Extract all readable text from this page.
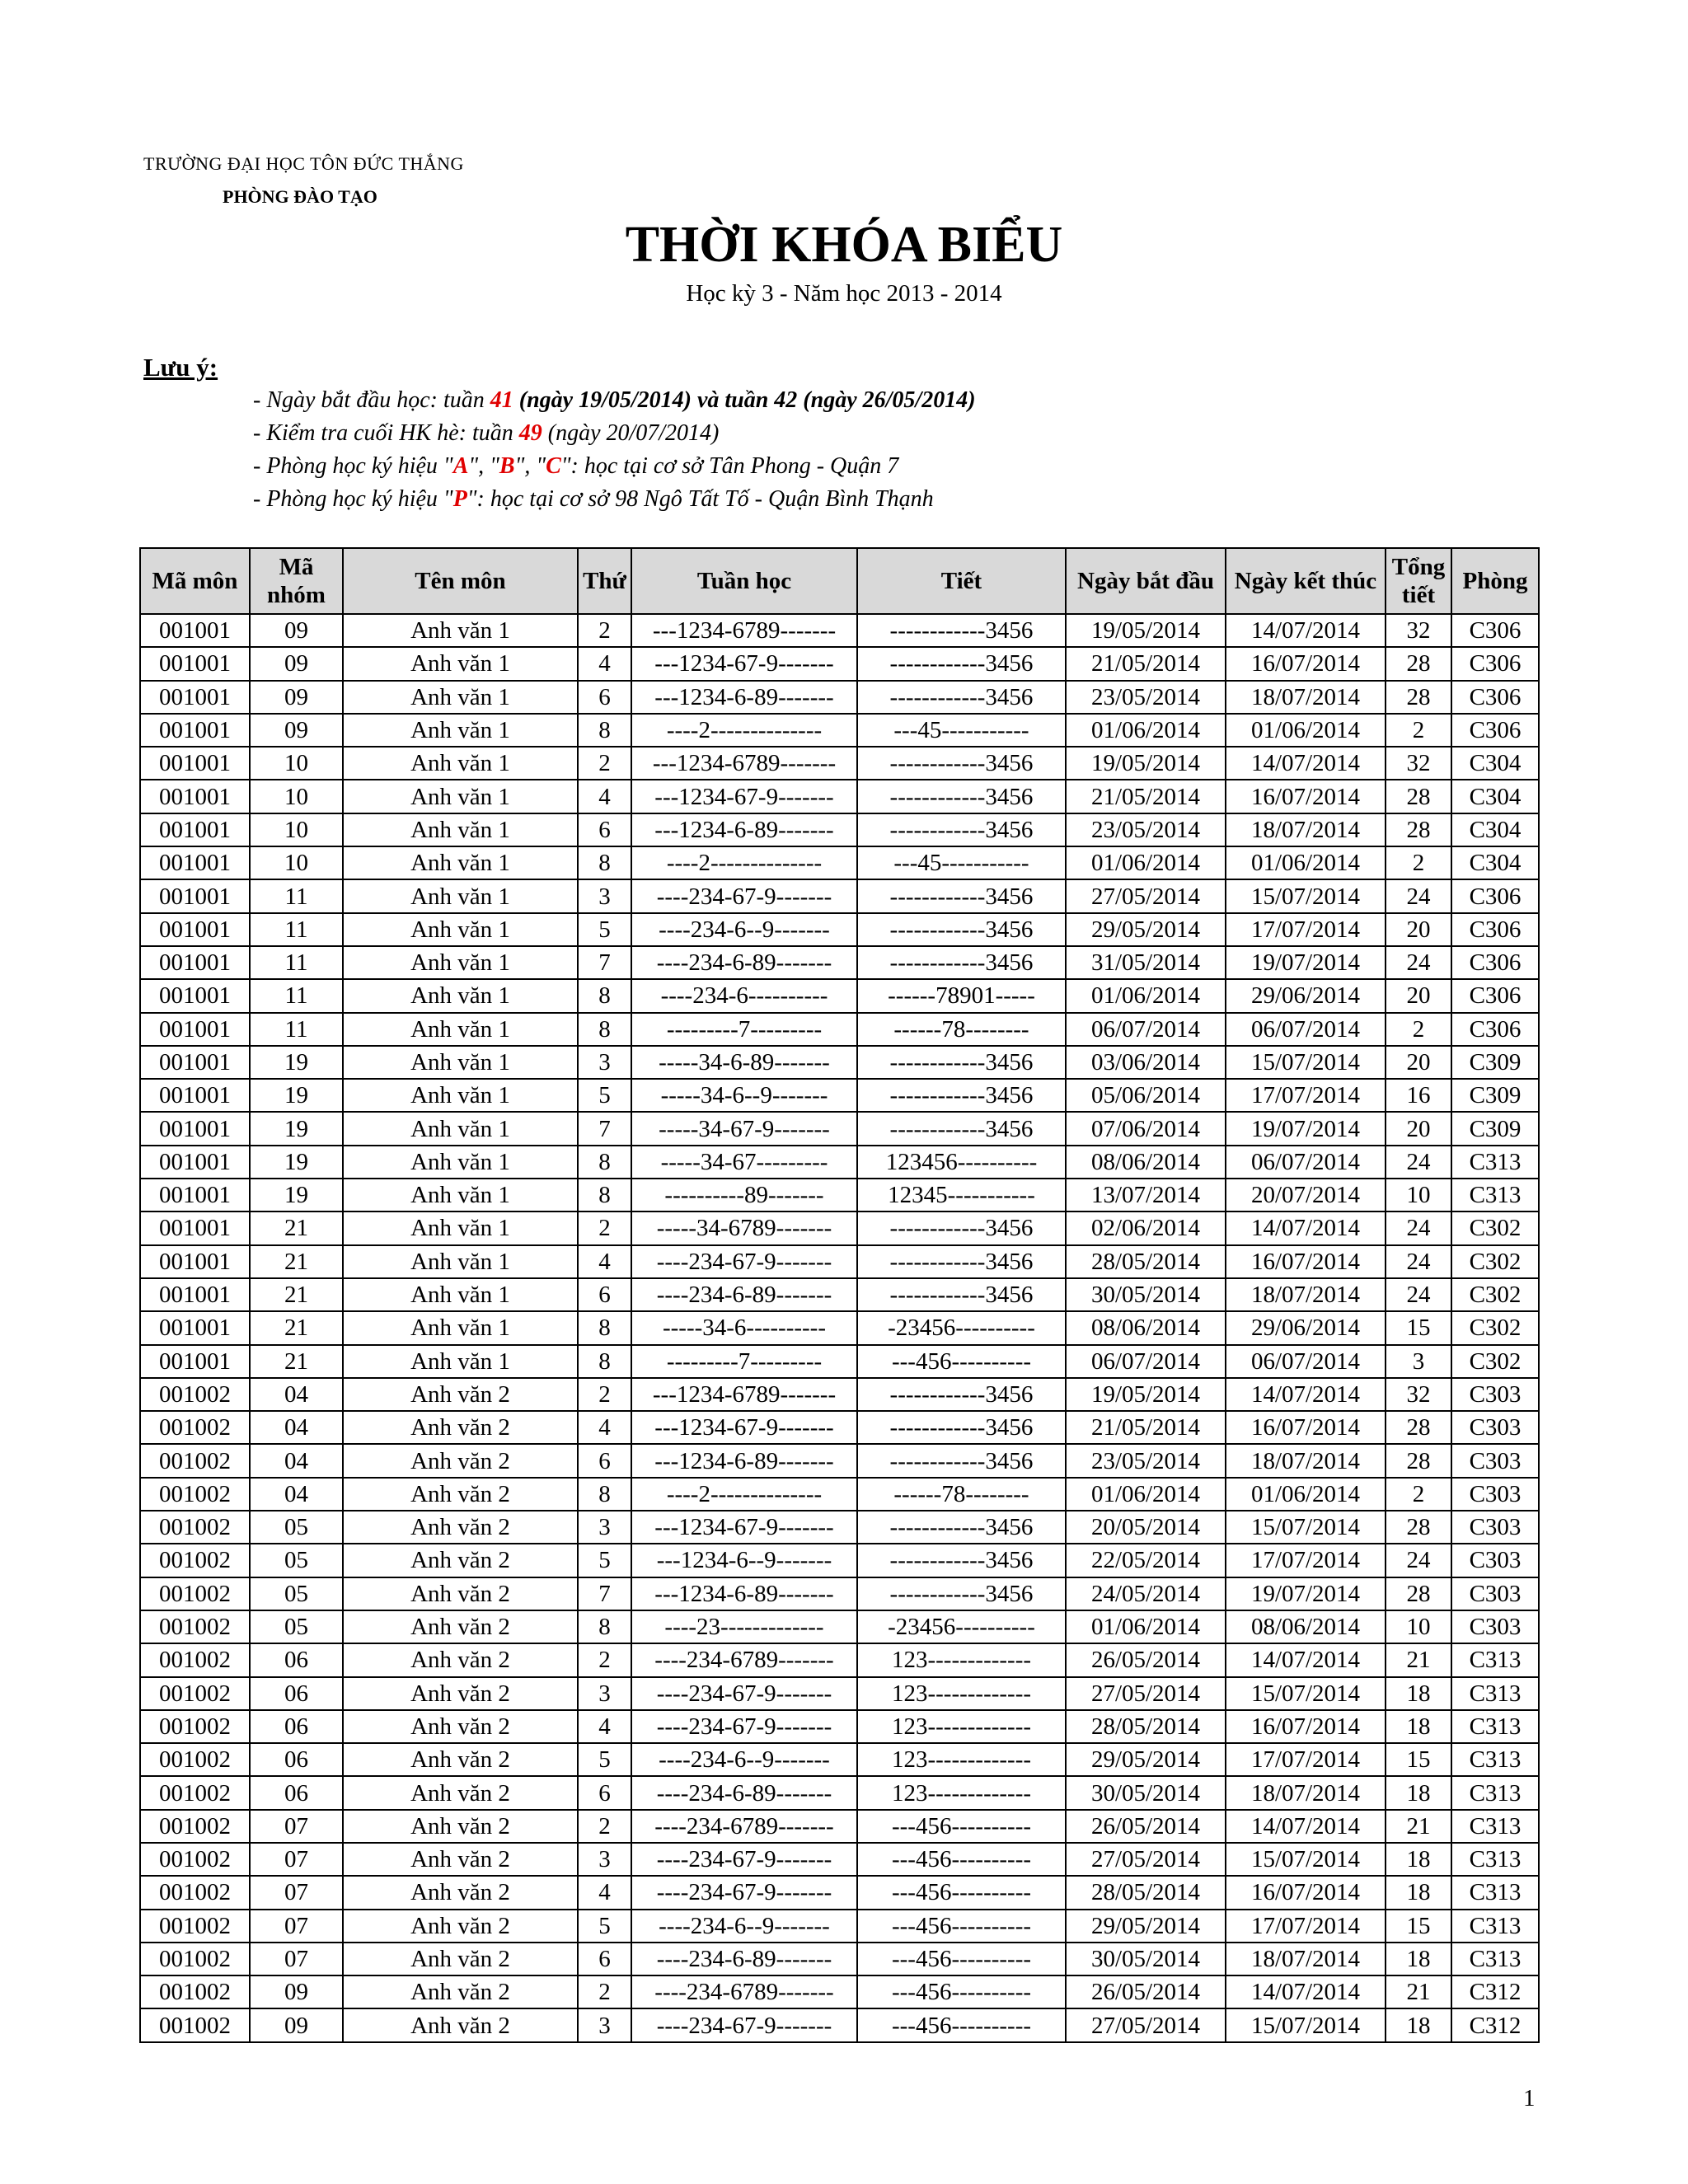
TRƯỜNG ĐẠI HỌC TÔN ĐỨC THẮNG
PHÒNG ĐÀO TẠO
THỜI KHÓA BIỂU
Học kỳ 3 - Năm học 2013 - 2014
Lưu ý:
- Ngày bắt đầu học: tuần 41 (ngày 19/05/2014) và tuần 42 (ngày 26/05/2014)
- Kiểm tra cuối HK hè: tuần 49 (ngày 20/07/2014)
- Phòng học ký hiệu "A", "B", "C": học tại cơ sở Tân Phong - Quận 7
- Phòng học ký hiệu "P": học tại cơ sở 98 Ngô Tất Tố - Quận Bình Thạnh
Mã môn	Mã nhóm	Tên môn	Thứ	Tuần học	Tiết	Ngày bắt đầu	Ngày kết thúc	Tổng tiết	Phòng
001001	09	Anh văn 1	2	---1234-6789-------	------------3456	19/05/2014	14/07/2014	32	C306
001001	09	Anh văn 1	4	---1234-67-9-------	------------3456	21/05/2014	16/07/2014	28	C306
001001	09	Anh văn 1	6	---1234-6-89-------	------------3456	23/05/2014	18/07/2014	28	C306
001001	09	Anh văn 1	8	----2--------------	---45-----------	01/06/2014	01/06/2014	2	C306
001001	10	Anh văn 1	2	---1234-6789-------	------------3456	19/05/2014	14/07/2014	32	C304
001001	10	Anh văn 1	4	---1234-67-9-------	------------3456	21/05/2014	16/07/2014	28	C304
001001	10	Anh văn 1	6	---1234-6-89-------	------------3456	23/05/2014	18/07/2014	28	C304
001001	10	Anh văn 1	8	----2--------------	---45-----------	01/06/2014	01/06/2014	2	C304
001001	11	Anh văn 1	3	----234-67-9-------	------------3456	27/05/2014	15/07/2014	24	C306
001001	11	Anh văn 1	5	----234-6--9-------	------------3456	29/05/2014	17/07/2014	20	C306
001001	11	Anh văn 1	7	----234-6-89-------	------------3456	31/05/2014	19/07/2014	24	C306
001001	11	Anh văn 1	8	----234-6----------	------78901-----	01/06/2014	29/06/2014	20	C306
001001	11	Anh văn 1	8	---------7---------	------78--------	06/07/2014	06/07/2014	2	C306
001001	19	Anh văn 1	3	-----34-6-89-------	------------3456	03/06/2014	15/07/2014	20	C309
001001	19	Anh văn 1	5	-----34-6--9-------	------------3456	05/06/2014	17/07/2014	16	C309
001001	19	Anh văn 1	7	-----34-67-9-------	------------3456	07/06/2014	19/07/2014	20	C309
001001	19	Anh văn 1	8	-----34-67---------	123456----------	08/06/2014	06/07/2014	24	C313
001001	19	Anh văn 1	8	----------89-------	12345-----------	13/07/2014	20/07/2014	10	C313
001001	21	Anh văn 1	2	-----34-6789-------	------------3456	02/06/2014	14/07/2014	24	C302
001001	21	Anh văn 1	4	----234-67-9-------	------------3456	28/05/2014	16/07/2014	24	C302
001001	21	Anh văn 1	6	----234-6-89-------	------------3456	30/05/2014	18/07/2014	24	C302
001001	21	Anh văn 1	8	-----34-6----------	-23456----------	08/06/2014	29/06/2014	15	C302
001001	21	Anh văn 1	8	---------7---------	---456----------	06/07/2014	06/07/2014	3	C302
001002	04	Anh văn 2	2	---1234-6789-------	------------3456	19/05/2014	14/07/2014	32	C303
001002	04	Anh văn 2	4	---1234-67-9-------	------------3456	21/05/2014	16/07/2014	28	C303
001002	04	Anh văn 2	6	---1234-6-89-------	------------3456	23/05/2014	18/07/2014	28	C303
001002	04	Anh văn 2	8	----2--------------	------78--------	01/06/2014	01/06/2014	2	C303
001002	05	Anh văn 2	3	---1234-67-9-------	------------3456	20/05/2014	15/07/2014	28	C303
001002	05	Anh văn 2	5	---1234-6--9-------	------------3456	22/05/2014	17/07/2014	24	C303
001002	05	Anh văn 2	7	---1234-6-89-------	------------3456	24/05/2014	19/07/2014	28	C303
001002	05	Anh văn 2	8	----23-------------	-23456----------	01/06/2014	08/06/2014	10	C303
001002	06	Anh văn 2	2	----234-6789-------	123-------------	26/05/2014	14/07/2014	21	C313
001002	06	Anh văn 2	3	----234-67-9-------	123-------------	27/05/2014	15/07/2014	18	C313
001002	06	Anh văn 2	4	----234-67-9-------	123-------------	28/05/2014	16/07/2014	18	C313
001002	06	Anh văn 2	5	----234-6--9-------	123-------------	29/05/2014	17/07/2014	15	C313
001002	06	Anh văn 2	6	----234-6-89-------	123-------------	30/05/2014	18/07/2014	18	C313
001002	07	Anh văn 2	2	----234-6789-------	---456----------	26/05/2014	14/07/2014	21	C313
001002	07	Anh văn 2	3	----234-67-9-------	---456----------	27/05/2014	15/07/2014	18	C313
001002	07	Anh văn 2	4	----234-67-9-------	---456----------	28/05/2014	16/07/2014	18	C313
001002	07	Anh văn 2	5	----234-6--9-------	---456----------	29/05/2014	17/07/2014	15	C313
001002	07	Anh văn 2	6	----234-6-89-------	---456----------	30/05/2014	18/07/2014	18	C313
001002	09	Anh văn 2	2	----234-6789-------	---456----------	26/05/2014	14/07/2014	21	C312
001002	09	Anh văn 2	3	----234-67-9-------	---456----------	27/05/2014	15/07/2014	18	C312
1
